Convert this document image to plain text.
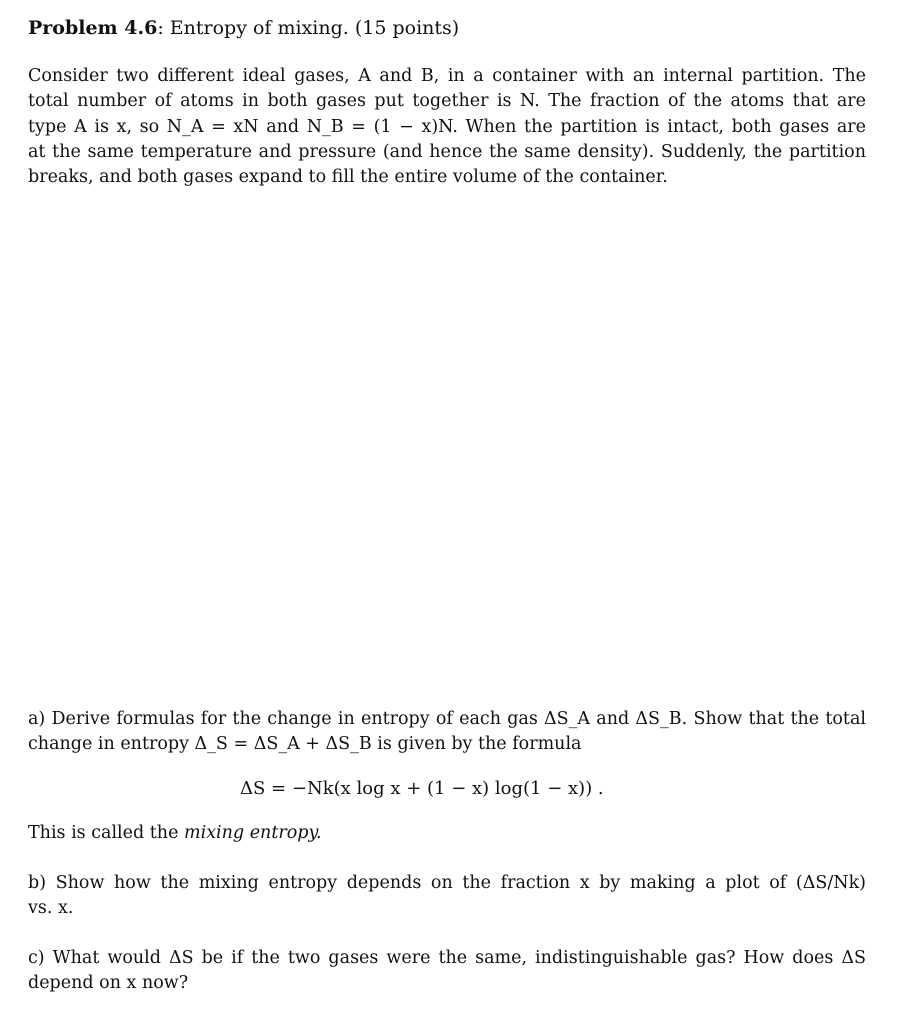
Problem 4.6: Entropy of mixing. (15 points)
Consider two different ideal gases, A and B, in a container with an internal partition. The
total number of atoms in both gases put together is N. The fraction of the atoms that are
type A is x, so N_A = xN and N_B = (1 − x)N. When the partition is intact, both gases are
at the same temperature and pressure (and hence the same density). Suddenly, the partition
breaks, and both gases expand to fill the entire volume of the container.
a) Derive formulas for the change in entropy of each gas ΔS_A and ΔS_B. Show that the total
change in entropy Δ_S = ΔS_A + ΔS_B is given by the formula
ΔS = −Nk(x log x + (1 − x) log(1 − x)) .
This is called the mixing entropy.
b) Show how the mixing entropy depends on the fraction x by making a plot of (ΔS/Nk)
vs. x.
c) What would ΔS be if the two gases were the same, indistinguishable gas? How does ΔS
depend on x now?
